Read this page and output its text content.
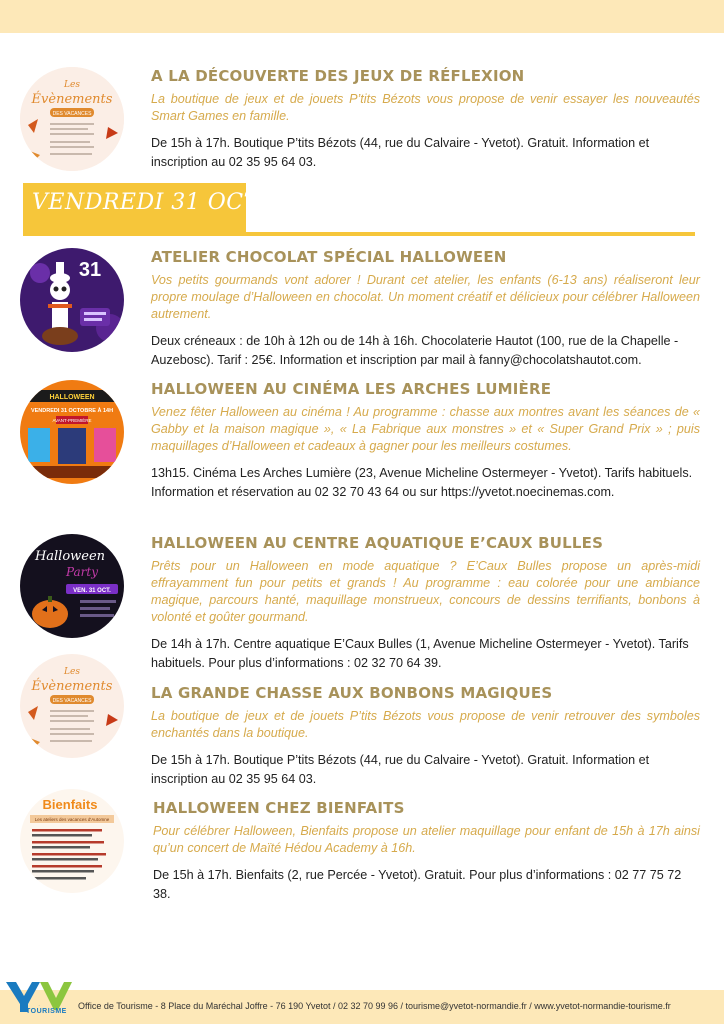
Les
Évènements
DES VACANCES
A LA DÉCOUVERTE DES JEUX DE RÉFLEXION

La boutique de jeux et de jouets P’tits Bézots vous propose de venir essayer les nouveautés Smart Games en famille.

De 15h à 17h. Boutique P’tits Bézots (44, rue du Calvaire - Yvetot). Gratuit. Information et inscription au 02 35 95 64 03.

VENDREDI 31 OCTOBRE
31
ATELIER CHOCOLAT SPÉCIAL HALLOWEEN

Vos petits gourmands vont adorer ! Durant cet atelier, les enfants (6-13 ans) réaliseront leur propre moulage d’Halloween en chocolat. Un moment créatif et délicieux pour célébrer Halloween autrement.

Deux créneaux : de 10h à 12h ou de 14h à 16h. Chocolaterie Hautot (100, rue de la Chapelle - Auzebosc). Tarif : 25€. Information et inscription par mail à fanny@chocolatshautot.com.

HALLOWEEN
VENDREDI 31 OCTOBRE À 14H
AVANT-PREMIÈRE
HALLOWEEN AU CINÉMA LES ARCHES LUMIÈRE

Venez fêter Halloween au cinéma ! Au programme : chasse aux montres avant les séances de « Gabby et la maison magique », « La Fabrique aux monstres » et « Super Grand Prix » ; puis maquillages d’Halloween et cadeaux à gagner pour les meilleurs costumes.

13h15. Cinéma Les Arches Lumière (23, Avenue Micheline Ostermeyer - Yvetot). Tarifs habituels. Information et réservation au 02 32 70 43 64 ou sur https://yvetot.noecinemas.com.

Halloween
Party
VEN. 31 OCT.
HALLOWEEN AU CENTRE AQUATIQUE E’CAUX BULLES

Prêts pour un Halloween en mode aquatique ? E’Caux Bulles propose un après-midi effrayamment fun pour petits et grands ! Au programme : eau colorée pour une ambiance magique, parcours hanté, maquillage monstrueux, concours de dessins terrifiants, bonbons à volonté et goûter gourmand.

De 14h à 17h. Centre aquatique E’Caux Bulles (1, Avenue Micheline Ostermeyer - Yvetot). Tarifs habituels. Pour plus d’informations : 02 32 70 64 39.

Les
Évènements
DES VACANCES	LA GRANDE CHASSE AUX BONBONS MAGIQUES

La boutique de jeux et de jouets P’tits Bézots vous propose de venir retrouver des symboles enchantés dans la boutique.

De 15h à 17h. Boutique P’tits Bézots (44, rue du Calvaire - Yvetot). Gratuit. Information et inscription au 02 35 95 64 03.

Bienfaits
Les ateliers des vacances d'Automne
HALLOWEEN CHEZ BIENFAITS

Pour célébrer Halloween, Bienfaits propose un atelier maquillage pour enfant de 15h à 17h ainsi qu’un concert de Maïté Hédou Academy à 16h.

De 15h à 17h. Bienfaits (2, rue Percée - Yvetot). Gratuit. Pour plus d’informations : 02 77 75 72 38.

Office de Tourisme - 8 Place du Maréchal Joffre - 76 190 Yvetot / 02 32 70 99 96 / tourisme@yvetot-normandie.fr / www.yvetot-normandie-tourisme.fr
YN
TOURISME
